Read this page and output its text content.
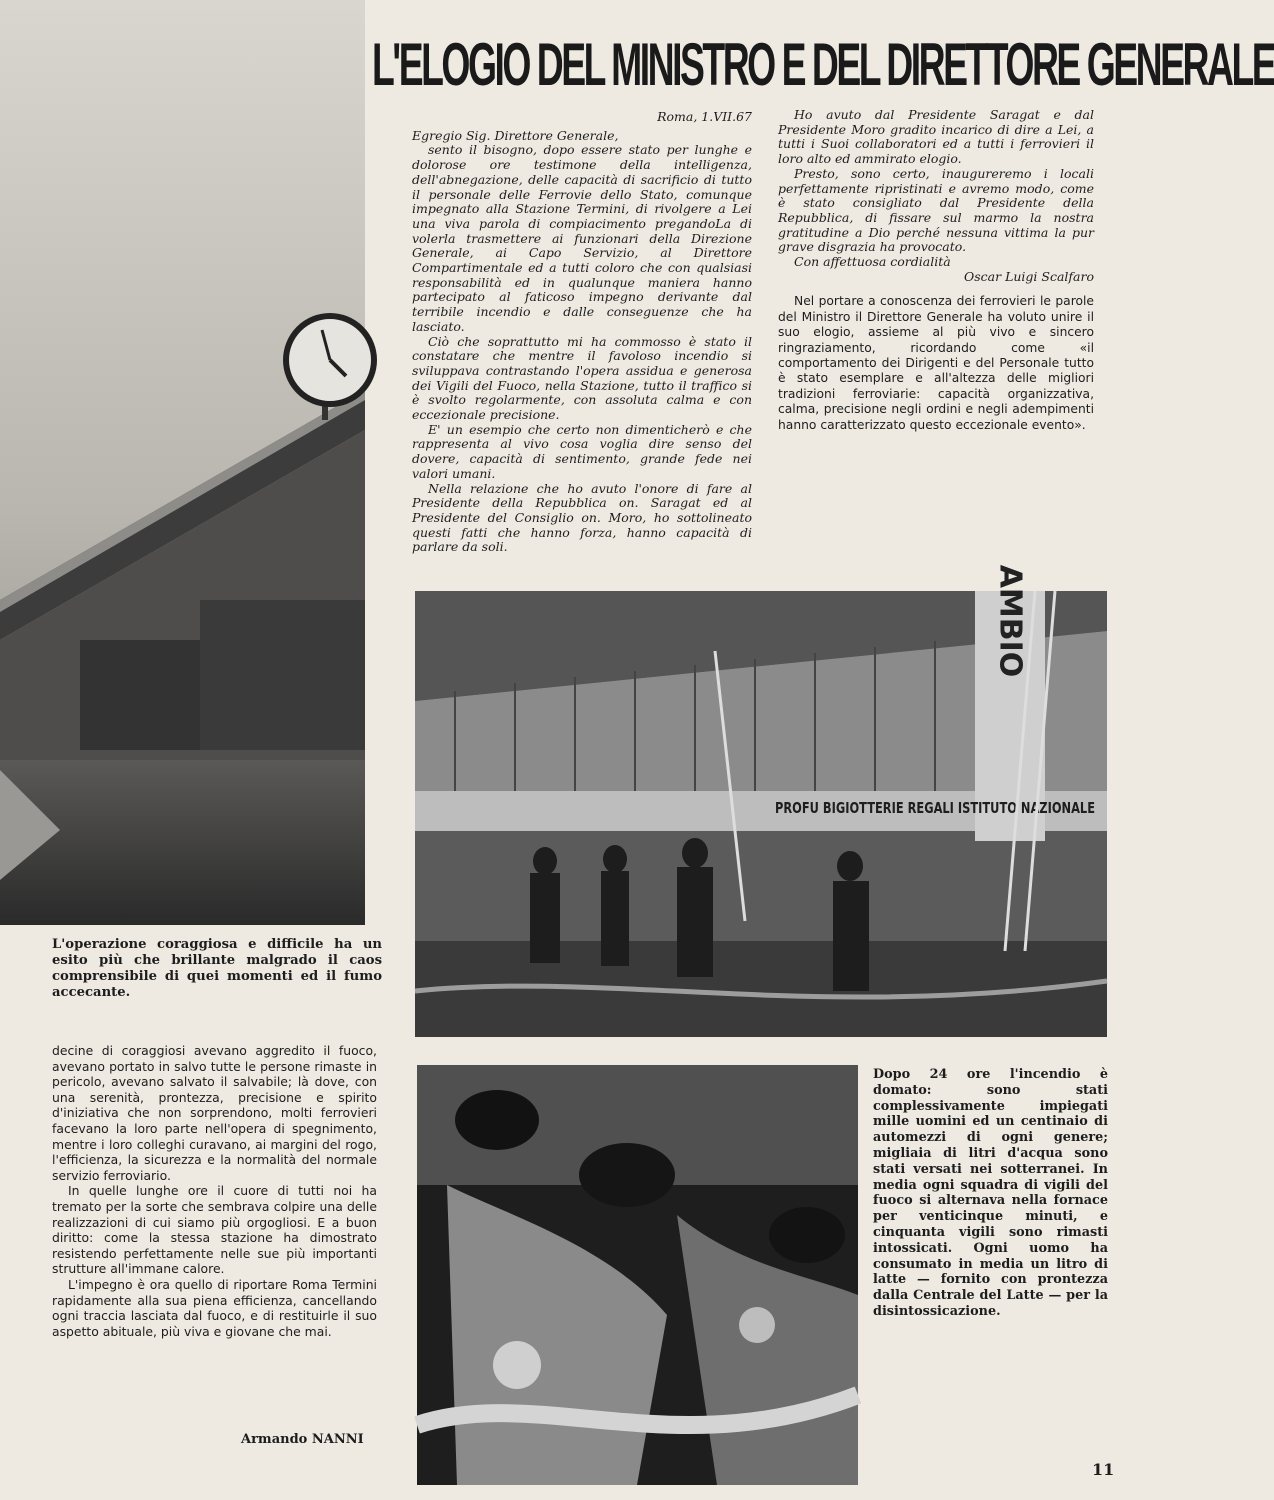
L'ELOGIO DEL MINISTRO E DEL DIRETTORE GENERALE

Roma, 1.VII.67

Egregio Sig. Direttore Generale,

sento il bisogno, dopo essere stato per lunghe e dolorose ore testimone della intelligenza, dell'abnegazione, delle capacità di sacrificio di tutto il personale delle Ferrovie dello Stato, comunque impegnato alla Stazione Termini, di rivolgere a Lei una viva parola di compiacimento pregandoLa di volerla trasmettere ai funzionari della Direzione Generale, ai Capo Servizio, al Direttore Compartimentale ed a tutti coloro che con qualsiasi responsabilità ed in qualunque maniera hanno partecipato al faticoso impegno derivante dal terribile incendio e dalle conseguenze che ha lasciato.

Ciò che soprattutto mi ha commosso è stato il constatare che mentre il favoloso incendio si sviluppava contrastando l'opera assidua e generosa dei Vigili del Fuoco, nella Stazione, tutto il traffico si è svolto regolarmente, con assoluta calma e con eccezionale precisione.

E' un esempio che certo non dimenticherò e che rappresenta al vivo cosa voglia dire senso del dovere, capacità di sentimento, grande fede nei valori umani.

Nella relazione che ho avuto l'onore di fare al Presidente della Repubblica on. Saragat ed al Presidente del Consiglio on. Moro, ho sottolineato questi fatti che hanno forza, hanno capacità di parlare da soli.

Ho avuto dal Presidente Saragat e dal Presidente Moro gradito incarico di dire a Lei, a tutti i Suoi collaboratori ed a tutti i ferrovieri il loro alto ed ammirato elogio.

Presto, sono certo, inaugureremo i locali perfettamente ripristinati e avremo modo, come è stato consigliato dal Presidente della Repubblica, di fissare sul marmo la nostra gratitudine a Dio perché nessuna vittima la pur grave disgrazia ha provocato.

Con affettuosa cordialità

Oscar Luigi Scalfaro

Nel portare a conoscenza dei ferrovieri le parole del Ministro il Direttore Generale ha voluto unire il suo elogio, assieme al più vivo e sincero ringraziamento, ricordando come «il comportamento dei Dirigenti e del Personale tutto è stato esemplare e all'altezza delle migliori tradizioni ferroviarie: capacità organizzativa, calma, precisione negli ordini e negli adempimenti hanno caratterizzato questo eccezionale evento».

AMBIO
PROFU BIGIOTTERIE REGALI ISTITUTO NAZIONALE
L'operazione coraggiosa e difficile ha un esito più che brillante malgrado il caos comprensibile di quei momenti ed il fumo accecante.

decine di coraggiosi avevano aggredito il fuoco, avevano portato in salvo tutte le persone rimaste in pericolo, avevano salvato il salvabile; là dove, con una serenità, prontezza, precisione e spirito d'iniziativa che non sorprendono, molti ferrovieri facevano la loro parte nell'opera di spegnimento, mentre i loro colleghi curavano, ai margini del rogo, l'efficienza, la sicurezza e la normalità del normale servizio ferroviario.

In quelle lunghe ore il cuore di tutti noi ha tremato per la sorte che sembrava colpire una delle realizzazioni di cui siamo più orgogliosi. E a buon diritto: come la stessa stazione ha dimostrato resistendo perfettamente nelle sue più importanti strutture all'immane calore.

L'impegno è ora quello di riportare Roma Termini rapidamente alla sua piena efficienza, cancellando ogni traccia lasciata dal fuoco, e di restituirle il suo aspetto abituale, più viva e giovane che mai.

Armando NANNI
Dopo 24 ore l'incendio è domato: sono stati complessivamente impiegati mille uomini ed un centinaio di automezzi di ogni genere; migliaia di litri d'acqua sono stati versati nei sotterranei. In media ogni squadra di vigili del fuoco si alternava nella fornace per venticinque minuti, e cinquanta vigili sono rimasti intossicati. Ogni uomo ha consumato in media un litro di latte — fornito con prontezza dalla Centrale del Latte — per la disintossicazione.
11
